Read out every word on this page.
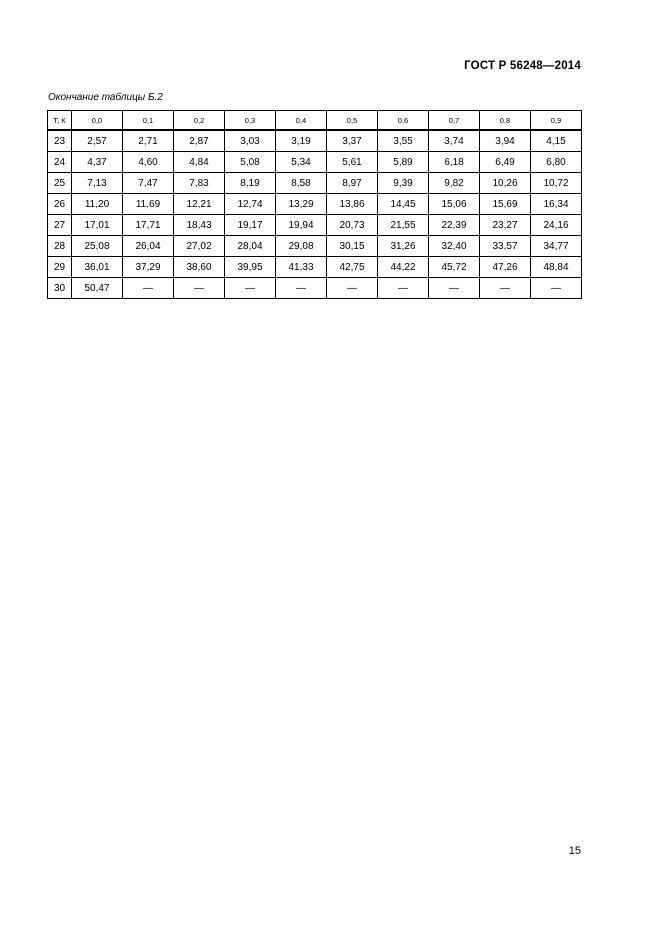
ГОСТ Р 56248—2014
Окончание таблицы Б.2
Т, К	0,0	0,1	0,2	0,3	0,4	0,5	0,6	0,7	0,8	0,9
23	2,57	2,71	2,87	3,03	3,19	3,37	3,55	3,74	3,94	4,15
24	4,37	4,60	4,84	5,08	5,34	5,61	5,89	6,18	6,49	6,80
25	7,13	7,47	7,83	8,19	8,58	8,97	9,39	9,82	10,26	10,72
26	11,20	11,69	12,21	12,74	13,29	13,86	14,45	15,06	15,69	16,34
27	17,01	17,71	18,43	19,17	19,94	20,73	21,55	22,39	23,27	24,16
28	25,08	26,04	27,02	28,04	29,08	30,15	31,26	32,40	33,57	34,77
29	36,01	37,29	38,60	39,95	41,33	42,75	44,22	45,72	47,26	48,84
30	50,47	—	—	—	—	—	—	—	—	—
15
